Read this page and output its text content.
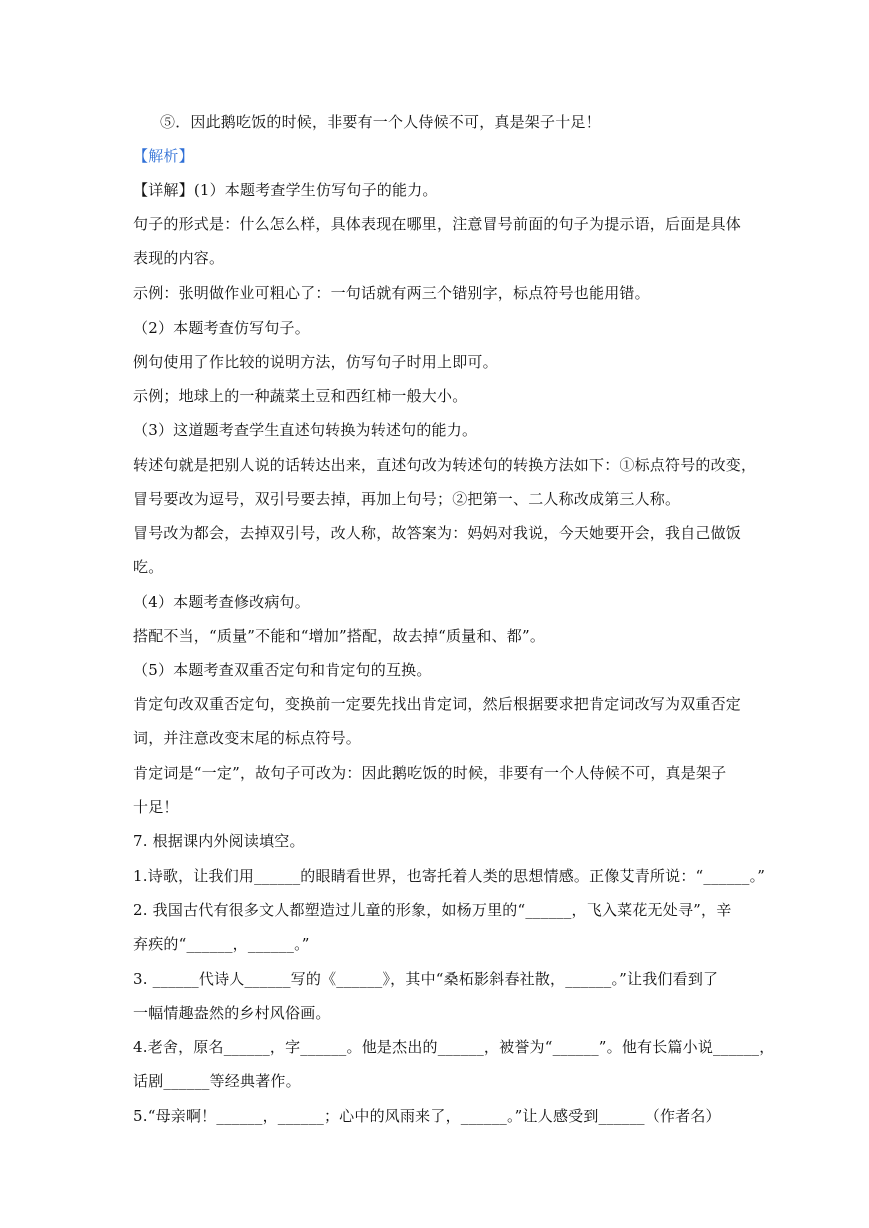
⑤．因此鹅吃饭的时候，非要有一个人侍候不可，真是架子十足！
【解析】
【详解】(1）本题考查学生仿写句子的能力。
句子的形式是：什么怎么样，具体表现在哪里，注意冒号前面的句子为提示语，后面是具体
表现的内容。
示例：张明做作业可粗心了：一句话就有两三个错别字，标点符号也能用错。
（2）本题考查仿写句子。
例句使用了作比较的说明方法，仿写句子时用上即可。
示例；地球上的一种蔬菜土豆和西红柿一般大小。
（3）这道题考查学生直述句转换为转述句的能力。
转述句就是把别人说的话转达出来，直述句改为转述句的转换方法如下：①标点符号的改变，
冒号要改为逗号，双引号要去掉，再加上句号；②把第一、二人称改成第三人称。
冒号改为都会，去掉双引号，改人称，故答案为：妈妈对我说，今天她要开会，我自己做饭
吃。
（4）本题考查修改病句。
搭配不当，“质量”不能和“增加”搭配，故去掉“质量和、都”。
（5）本题考查双重否定句和肯定句的互换。
肯定句改双重否定句，变换前一定要先找出肯定词，然后根据要求把肯定词改写为双重否定
词，并注意改变末尾的标点符号。
肯定词是“一定”，故句子可改为：因此鹅吃饭的时候，非要有一个人侍候不可，真是架子
十足！
7. 根据课内外阅读填空。
1.诗歌，让我们用______的眼睛看世界，也寄托着人类的思想情感。正像艾青所说：“______。”
2. 我国古代有很多文人都塑造过儿童的形象，如杨万里的“______，飞入菜花无处寻”，辛
弃疾的“______，______。”
3. ______代诗人______写的《______》，其中“桑柘影斜春社散，______。”让我们看到了
一幅情趣盎然的乡村风俗画。
4.老舍，原名______，字______。他是杰出的______，被誉为“______”。他有长篇小说______，
话剧______等经典著作。
5.“母亲啊！______，______；心中的风雨来了，______。”让人感受到______（作者名）
